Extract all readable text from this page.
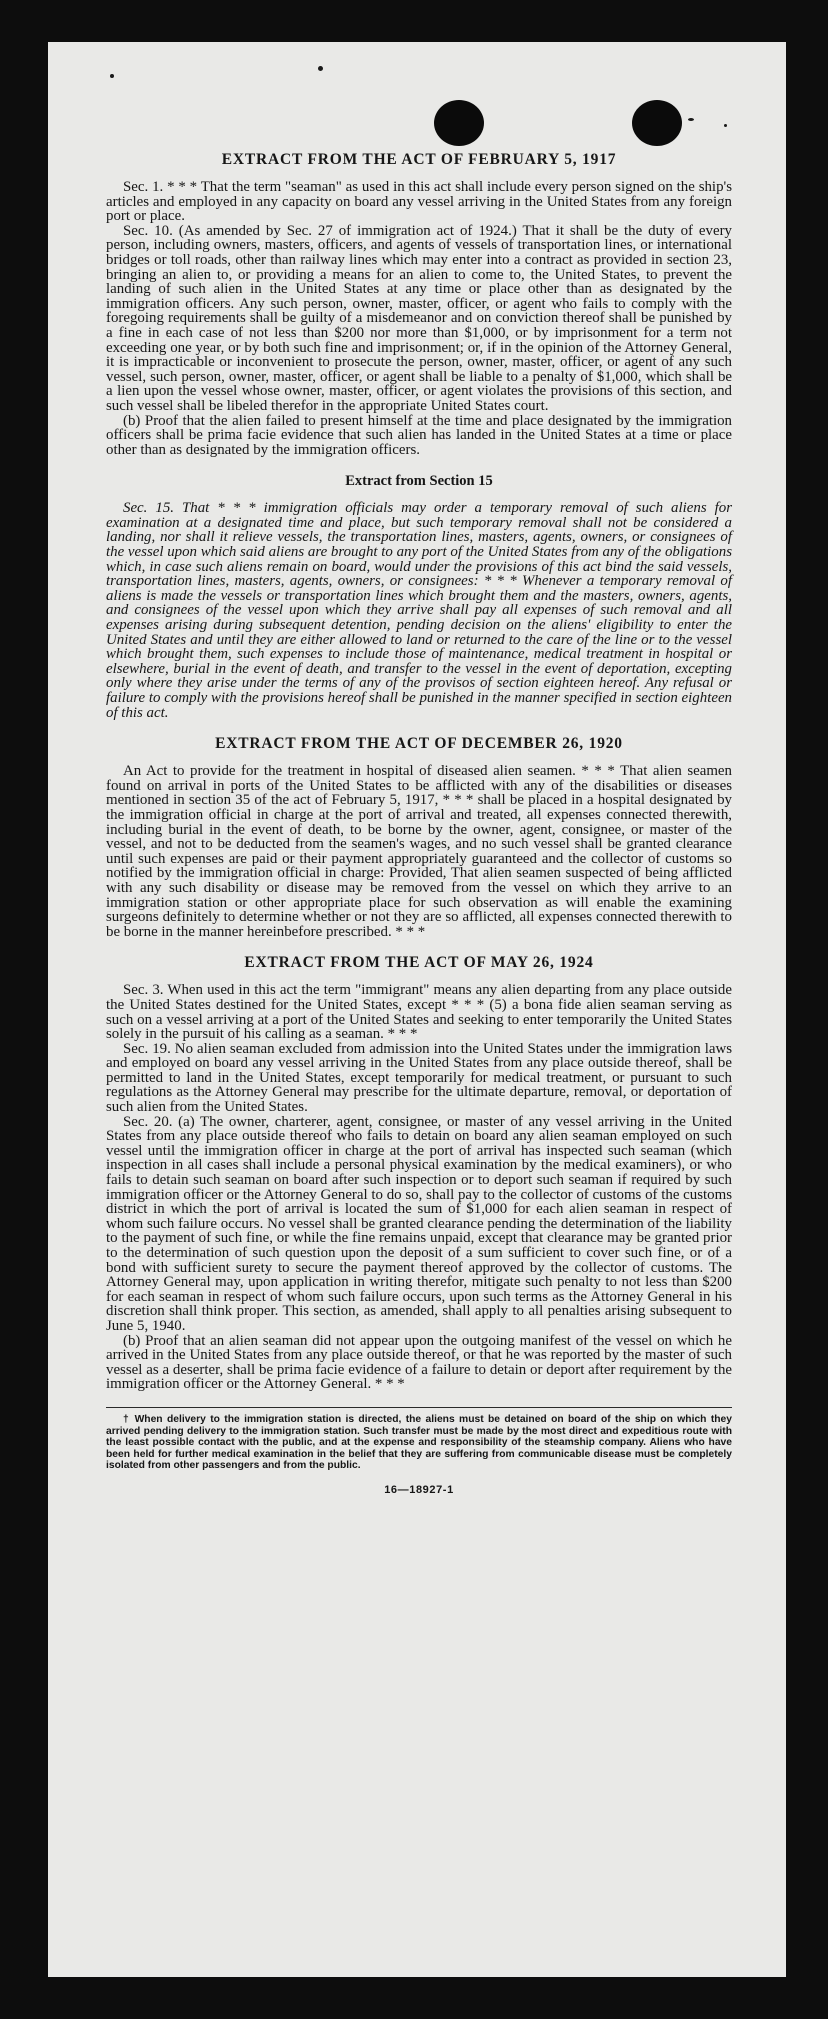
EXTRACT FROM THE ACT OF FEBRUARY 5, 1917

Sec. 1. * * * That the term "seaman" as used in this act shall include every person signed on the ship's articles and employed in any capacity on board any vessel arriving in the United States from any foreign port or place.

Sec. 10. (As amended by Sec. 27 of immigration act of 1924.) That it shall be the duty of every person, including owners, masters, officers, and agents of vessels of transportation lines, or international bridges or toll roads, other than railway lines which may enter into a contract as provided in section 23, bringing an alien to, or providing a means for an alien to come to, the United States, to prevent the landing of such alien in the United States at any time or place other than as designated by the immigration officers. Any such person, owner, master, officer, or agent who fails to comply with the foregoing requirements shall be guilty of a misdemeanor and on conviction thereof shall be punished by a fine in each case of not less than $200 nor more than $1,000, or by imprisonment for a term not exceeding one year, or by both such fine and imprisonment; or, if in the opinion of the Attorney General, it is impracticable or inconvenient to prosecute the person, owner, master, officer, or agent of any such vessel, such person, owner, master, officer, or agent shall be liable to a penalty of $1,000, which shall be a lien upon the vessel whose owner, master, officer, or agent violates the provisions of this section, and such vessel shall be libeled therefor in the appropriate United States court.

(b) Proof that the alien failed to present himself at the time and place designated by the immigration officers shall be prima facie evidence that such alien has landed in the United States at a time or place other than as designated by the immigration officers.

Extract from Section 15

Sec. 15. That * * * immigration officials may order a temporary removal of such aliens for examination at a designated time and place, but such temporary removal shall not be considered a landing, nor shall it relieve vessels, the transportation lines, masters, agents, owners, or consignees of the vessel upon which said aliens are brought to any port of the United States from any of the obligations which, in case such aliens remain on board, would under the provisions of this act bind the said vessels, transportation lines, masters, agents, owners, or consignees: * * * Whenever a temporary removal of aliens is made the vessels or transportation lines which brought them and the masters, owners, agents, and consignees of the vessel upon which they arrive shall pay all expenses of such removal and all expenses arising during subsequent detention, pending decision on the aliens' eligibility to enter the United States and until they are either allowed to land or returned to the care of the line or to the vessel which brought them, such expenses to include those of maintenance, medical treatment in hospital or elsewhere, burial in the event of death, and transfer to the vessel in the event of deportation, excepting only where they arise under the terms of any of the provisos of section eighteen hereof. Any refusal or failure to comply with the provisions hereof shall be punished in the manner specified in section eighteen of this act.

EXTRACT FROM THE ACT OF DECEMBER 26, 1920

An Act to provide for the treatment in hospital of diseased alien seamen. * * * That alien seamen found on arrival in ports of the United States to be afflicted with any of the disabilities or diseases mentioned in section 35 of the act of February 5, 1917, * * * shall be placed in a hospital designated by the immigration official in charge at the port of arrival and treated, all expenses connected therewith, including burial in the event of death, to be borne by the owner, agent, consignee, or master of the vessel, and not to be deducted from the seamen's wages, and no such vessel shall be granted clearance until such expenses are paid or their payment appropriately guaranteed and the collector of customs so notified by the immigration official in charge: Provided, That alien seamen suspected of being afflicted with any such disability or disease may be removed from the vessel on which they arrive to an immigration station or other appropriate place for such observation as will enable the examining surgeons definitely to determine whether or not they are so afflicted, all expenses connected therewith to be borne in the manner hereinbefore prescribed. * * *

EXTRACT FROM THE ACT OF MAY 26, 1924

Sec. 3. When used in this act the term "immigrant" means any alien departing from any place outside the United States destined for the United States, except * * * (5) a bona fide alien seaman serving as such on a vessel arriving at a port of the United States and seeking to enter temporarily the United States solely in the pursuit of his calling as a seaman. * * *

Sec. 19. No alien seaman excluded from admission into the United States under the immigration laws and employed on board any vessel arriving in the United States from any place outside thereof, shall be permitted to land in the United States, except temporarily for medical treatment, or pursuant to such regulations as the Attorney General may prescribe for the ultimate departure, removal, or deportation of such alien from the United States.

Sec. 20. (a) The owner, charterer, agent, consignee, or master of any vessel arriving in the United States from any place outside thereof who fails to detain on board any alien seaman employed on such vessel until the immigration officer in charge at the port of arrival has inspected such seaman (which inspection in all cases shall include a personal physical examination by the medical examiners), or who fails to detain such seaman on board after such inspection or to deport such seaman if required by such immigration officer or the Attorney General to do so, shall pay to the collector of customs of the customs district in which the port of arrival is located the sum of $1,000 for each alien seaman in respect of whom such failure occurs. No vessel shall be granted clearance pending the determination of the liability to the payment of such fine, or while the fine remains unpaid, except that clearance may be granted prior to the determination of such question upon the deposit of a sum sufficient to cover such fine, or of a bond with sufficient surety to secure the payment thereof approved by the collector of customs. The Attorney General may, upon application in writing therefor, mitigate such penalty to not less than $200 for each seaman in respect of whom such failure occurs, upon such terms as the Attorney General in his discretion shall think proper. This section, as amended, shall apply to all penalties arising subsequent to June 5, 1940.

(b) Proof that an alien seaman did not appear upon the outgoing manifest of the vessel on which he arrived in the United States from any place outside thereof, or that he was reported by the master of such vessel as a deserter, shall be prima facie evidence of a failure to detain or deport after requirement by the immigration officer or the Attorney General. * * *

† When delivery to the immigration station is directed, the aliens must be detained on board of the ship on which they arrived pending delivery to the immigration station. Such transfer must be made by the most direct and expeditious route with the least possible contact with the public, and at the expense and responsibility of the steamship company. Aliens who have been held for further medical examination in the belief that they are suffering from communicable disease must be completely isolated from other passengers and from the public.

16—18927-1
